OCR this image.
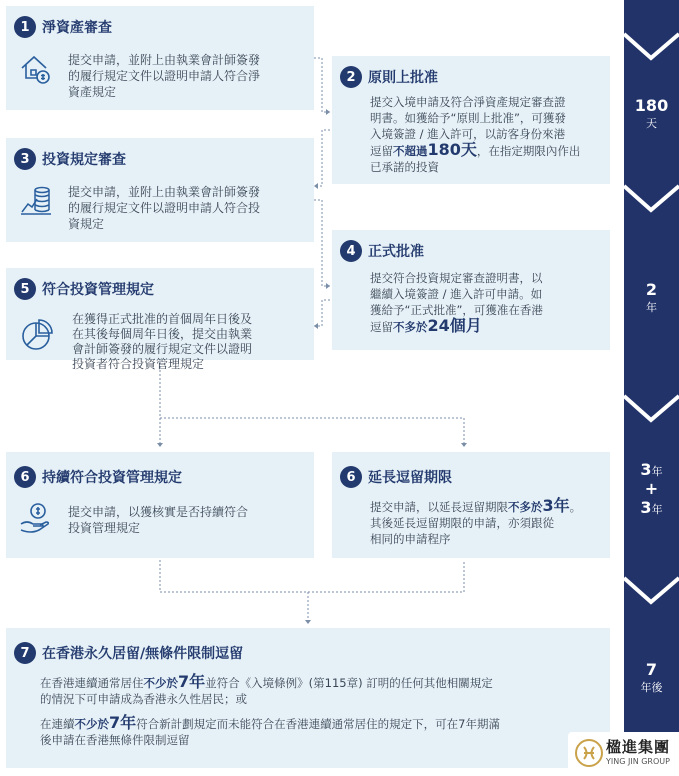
1 淨資產審查
提交申請，並附上由執業會計師簽發
的履行規定文件以證明申請人符合淨
資產規定
2 原則上批准
提交入境申請及符合淨資產規定審查證
明書。如獲給予“原則上批准”，可獲發
入境簽證 / 進入許可，以訪客身份來港
逗留不超過180天，在指定期限內作出
已承諾的投資
3 投資規定審查
提交申請，並附上由執業會計師簽發
的履行規定文件以證明申請人符合投
資規定
4 正式批准
提交符合投資規定審查證明書，以
繼續入境簽證 / 進入許可申請。如
獲給予“正式批准”，可獲准在香港
逗留不多於24個月
5 符合投資管理規定
在獲得正式批准的首個周年日後及
在其後每個周年日後，提交由執業
會計師簽發的履行規定文件以證明
投資者符合投資管理規定
6 持續符合投資管理規定
提交申請，以獲核實是否持續符合
投資管理規定
6 延長逗留期限
提交申請，以延長逗留期限不多於3年。
其後延長逗留期限的申請，亦須跟從
相同的申請程序
7 在香港永久居留/無條件限制逗留
在香港連續通常居住不少於7年並符合《入境條例》(第115章) 訂明的任何其他相關規定
的情況下可申請成為香港永久性居民；或
在連續不少於7年符合新計劃規定而未能符合在香港連續通常居住的規定下，可在7年期滿
後申請在香港無條件限制逗留
180
天
2
年
3年
+
3年
7
年後
楹進集團
YING JIN GROUP
